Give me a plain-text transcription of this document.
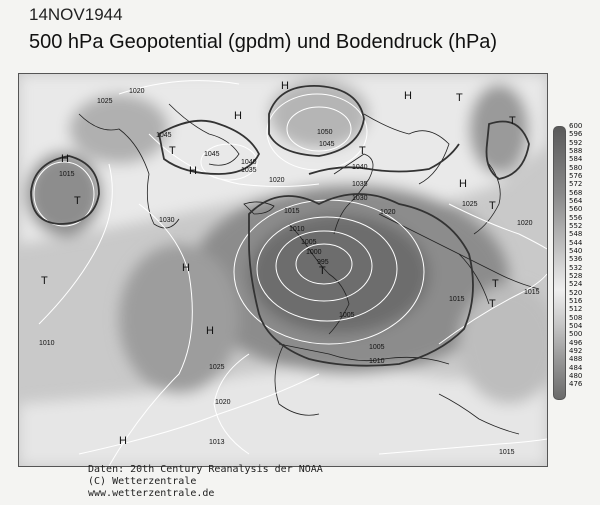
14NOV1944
500 hPa Geopotential (gpdm) und Bodendruck (hPa)
H
H
H
H	T
T
T
H
T
H
T
T
H
T
T
H
T
T
H
1025
1020
1045
1015
1045
1040
1035
1020
1050
1045
1040
1035
1030
1025
1030
1015	1020
1010
1005
1000
995
1020
1015
1015
1010
1005
1025
1010
1005
1020
1013
1015
Daten: 20th Century Reanalysis der NOAA
(C) Wetterzentrale
www.wetterzentrale.de
600
596
592
588
584
580
576
572
568
564
560
556
552
548
544
540
536
532
528
524
520
516
512
508
504
500
496
492
488
484
480
476
